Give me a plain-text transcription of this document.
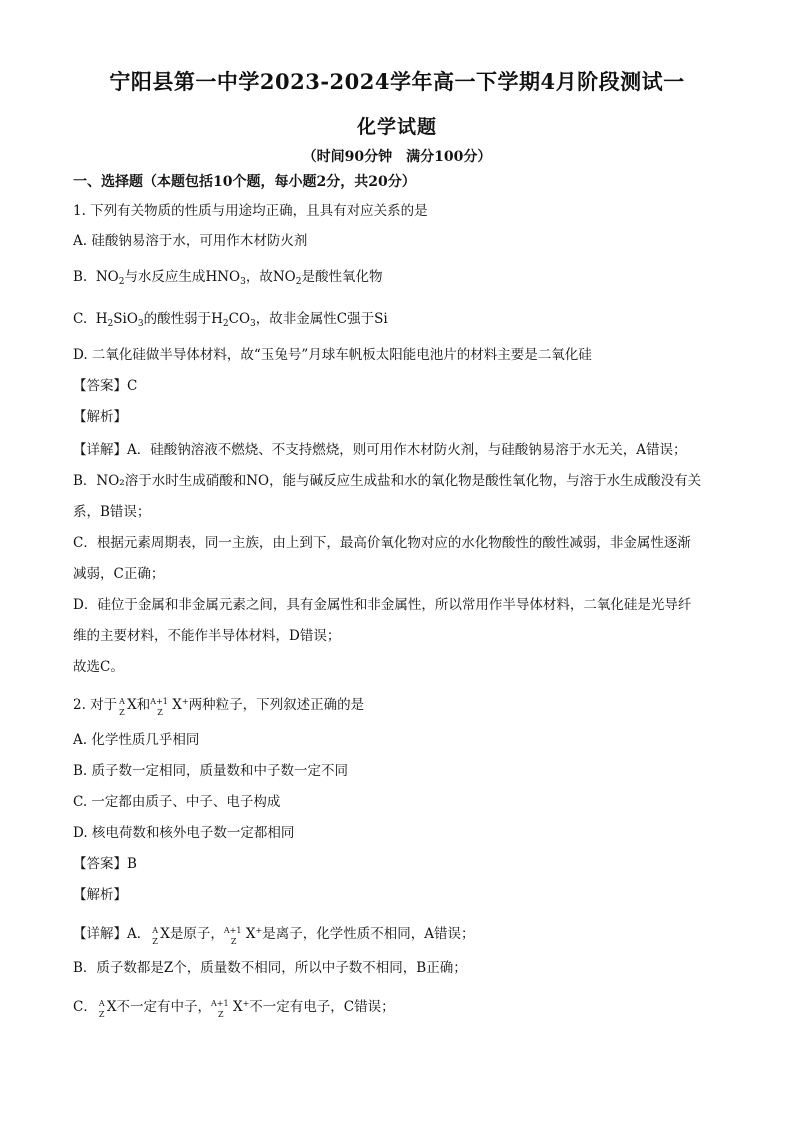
宁阳县第一中学2023-2024学年高一下学期4月阶段测试一
化学试题
（时间90分钟　满分100分）
一、选择题（本题包括10个题，每小题2分，共20分）
1. 下列有关物质的性质与用途均正确，且具有对应关系的是
A. 硅酸钠易溶于水，可用作木材防火剂
B. $NO_2$与水反应生成$HNO_3$，故$NO_2$是酸性氧化物
C. $H_2SiO_3$的酸性弱于$H_2CO_3$，故非金属性C强于Si
D. 二氧化硅做半导体材料，故“玉兔号”月球车帆板太阳能电池片的材料主要是二氧化硅
【答案】C
【解析】
【详解】A．硅酸钠溶液不燃烧、不支持燃烧，则可用作木材防火剂，与硅酸钠易溶于水无关，A错误；
B．NO₂溶于水时生成硝酸和NO，能与碱反应生成盐和水的氧化物是酸性氧化物，与溶于水生成酸没有关
系，B错误；
C．根据元素周期表，同一主族，由上到下，最高价氧化物对应的水化物酸性的酸性减弱，非金属性逐渐
减弱，C正确；
D．硅位于金属和非金属元素之间，具有金属性和非金属性，所以常用作半导体材料，二氧化硅是光导纤
维的主要材料，不能作半导体材料，D错误；
故选C。
2. 对于 A
Z X和 A+1
Z X+两种粒子，下列叙述正确的是
A. 化学性质几乎相同
B. 质子数一定相同，质量数和中子数一定不同
C. 一定都由质子、中子、电子构成
D. 核电荷数和核外电子数一定都相同
【答案】B
【解析】
【详解】A． A
Z X是原子， A+1
Z X+是离子，化学性质不相同，A错误；
B．质子数都是Z个，质量数不相同，所以中子数不相同，B正确；
C． A
Z X不一定有中子， A+1
Z X+不一定有电子，C错误；
